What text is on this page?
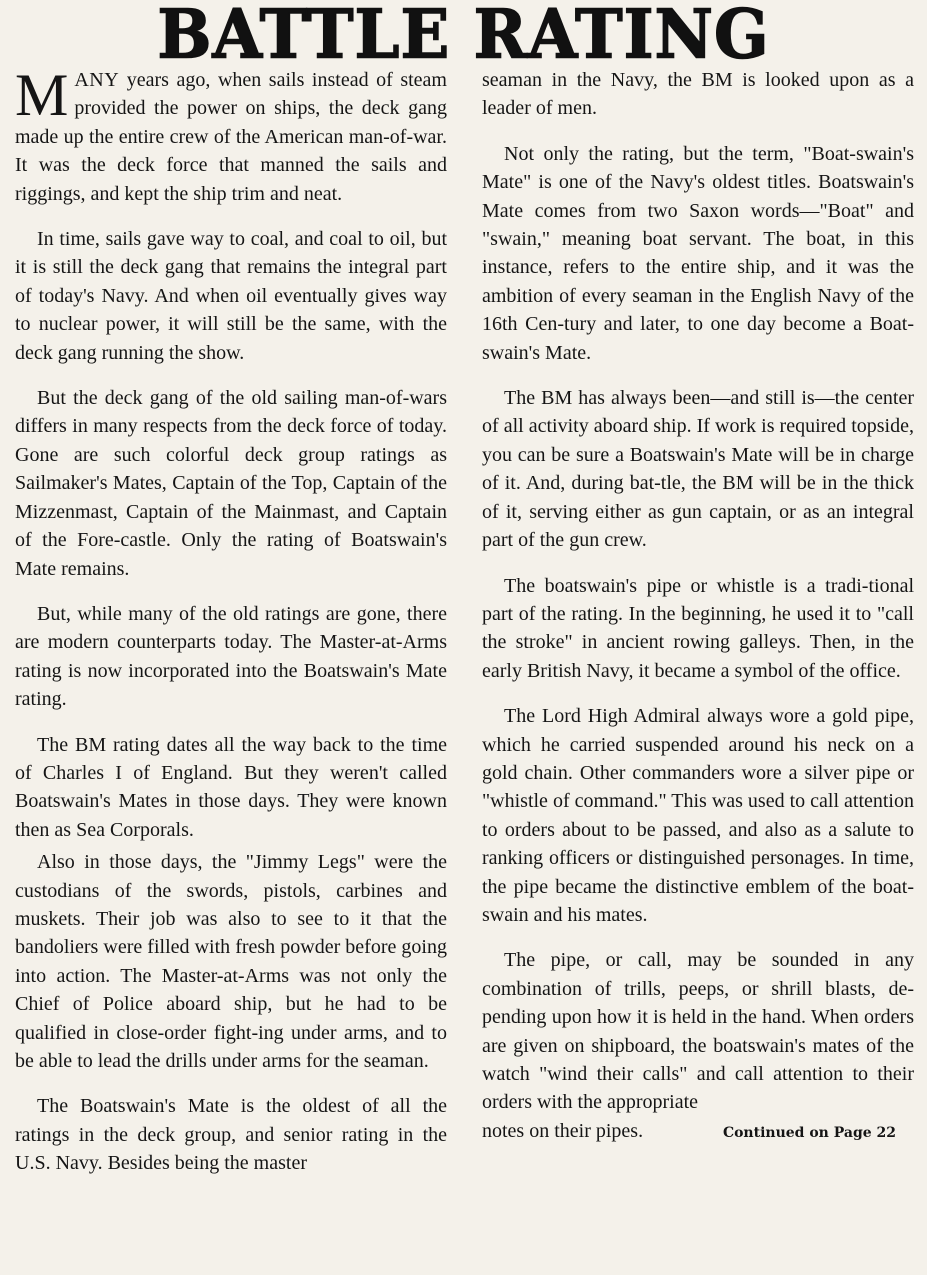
BATTLE RATING

MANY years ago, when sails instead of steam provided the power on ships, the deck gang made up the entire crew of the American man-of-war. It was the deck force that manned the sails and riggings, and kept the ship trim and neat.

In time, sails gave way to coal, and coal to oil, but it is still the deck gang that remains the integral part of today's Navy. And when oil eventually gives way to nuclear power, it will still be the same, with the deck gang running the show.

But the deck gang of the old sailing man-of-wars differs in many respects from the deck force of today. Gone are such colorful deck group ratings as Sailmaker's Mates, Captain of the Top, Captain of the Mizzenmast, Captain of the Mainmast, and Captain of the Fore-castle. Only the rating of Boatswain's Mate remains.

But, while many of the old ratings are gone, there are modern counterparts today. The Master-at-Arms rating is now incorporated into the Boatswain's Mate rating.

The BM rating dates all the way back to the time of Charles I of England. But they weren't called Boatswain's Mates in those days. They were known then as Sea Corporals.

Also in those days, the "Jimmy Legs" were the custodians of the swords, pistols, carbines and muskets. Their job was also to see to it that the bandoliers were filled with fresh powder before going into action. The Master-at-Arms was not only the Chief of Police aboard ship, but he had to be qualified in close-order fight-ing under arms, and to be able to lead the drills under arms for the seaman.

The Boatswain's Mate is the oldest of all the ratings in the deck group, and senior rating in the U.S. Navy. Besides being the master

seaman in the Navy, the BM is looked upon as a leader of men.

Not only the rating, but the term, "Boat-swain's Mate" is one of the Navy's oldest titles. Boatswain's Mate comes from two Saxon words—"Boat" and "swain," meaning boat servant. The boat, in this instance, refers to the entire ship, and it was the ambition of every seaman in the English Navy of the 16th Cen-tury and later, to one day become a Boat-swain's Mate.

The BM has always been—and still is—the center of all activity aboard ship. If work is required topside, you can be sure a Boatswain's Mate will be in charge of it. And, during bat-tle, the BM will be in the thick of it, serving either as gun captain, or as an integral part of the gun crew.

The boatswain's pipe or whistle is a tradi-tional part of the rating. In the beginning, he used it to "call the stroke" in ancient rowing galleys. Then, in the early British Navy, it became a symbol of the office.

The Lord High Admiral always wore a gold pipe, which he carried suspended around his neck on a gold chain. Other commanders wore a silver pipe or "whistle of command." This was used to call attention to orders about to be passed, and also as a salute to ranking officers or distinguished personages. In time, the pipe became the distinctive emblem of the boat-swain and his mates.

The pipe, or call, may be sounded in any combination of trills, peeps, or shrill blasts, de-pending upon how it is held in the hand. When orders are given on shipboard, the boatswain's mates of the watch "wind their calls" and call attention to their orders with the appropriate

notes on their pipes.	Continued on Page 22
